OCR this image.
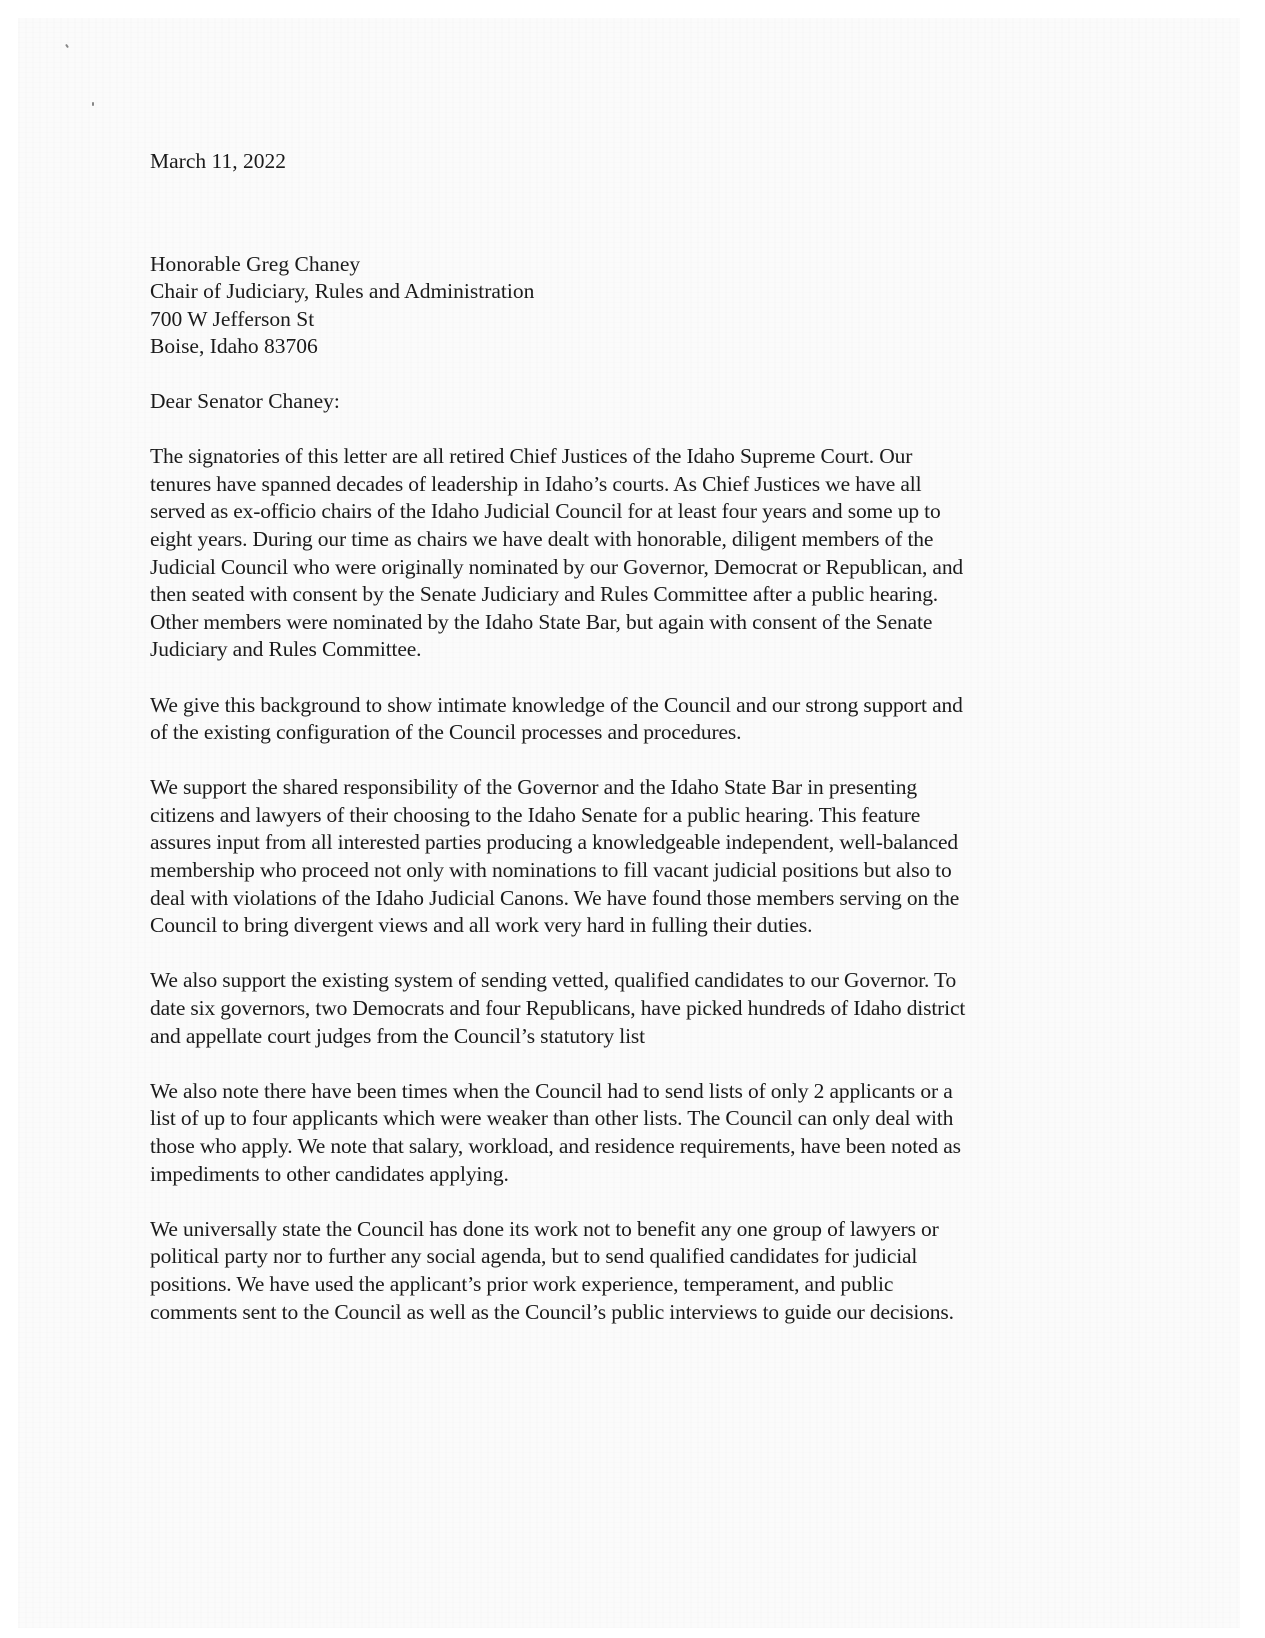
March 11, 2022
Honorable Greg Chaney
Chair of Judiciary, Rules and Administration
700 W Jefferson St
Boise, Idaho 83706
Dear Senator Chaney:
The signatories of this letter are all retired Chief Justices of the Idaho Supreme Court. Our
tenures have spanned decades of leadership in Idaho’s courts. As Chief Justices we have all
served as ex-officio chairs of the Idaho Judicial Council for at least four years and some up to
eight years. During our time as chairs we have dealt with honorable, diligent members of the
Judicial Council who were originally nominated by our Governor, Democrat or Republican, and
then seated with consent by the Senate Judiciary and Rules Committee after a public hearing.
Other members were nominated by the Idaho State Bar, but again with consent of the Senate
Judiciary and Rules Committee.
We give this background to show intimate knowledge of the Council and our strong support and
of the existing configuration of the Council processes and procedures.
We support the shared responsibility of the Governor and the Idaho State Bar in presenting
citizens and lawyers of their choosing to the Idaho Senate for a public hearing. This feature
assures input from all interested parties producing a knowledgeable independent, well-balanced
membership who proceed not only with nominations to fill vacant judicial positions but also to
deal with violations of the Idaho Judicial Canons. We have found those members serving on the
Council to bring divergent views and all work very hard in fulling their duties.
We also support the existing system of sending vetted, qualified candidates to our Governor. To
date six governors, two Democrats and four Republicans, have picked hundreds of Idaho district
and appellate court judges from the Council’s statutory list
We also note there have been times when the Council had to send lists of only 2 applicants or a
list of up to four applicants which were weaker than other lists. The Council can only deal with
those who apply. We note that salary, workload, and residence requirements, have been noted as
impediments to other candidates applying.
We universally state the Council has done its work not to benefit any one group of lawyers or
political party nor to further any social agenda, but to send qualified candidates for judicial
positions. We have used the applicant’s prior work experience, temperament, and public
comments sent to the Council as well as the Council’s public interviews to guide our decisions.
